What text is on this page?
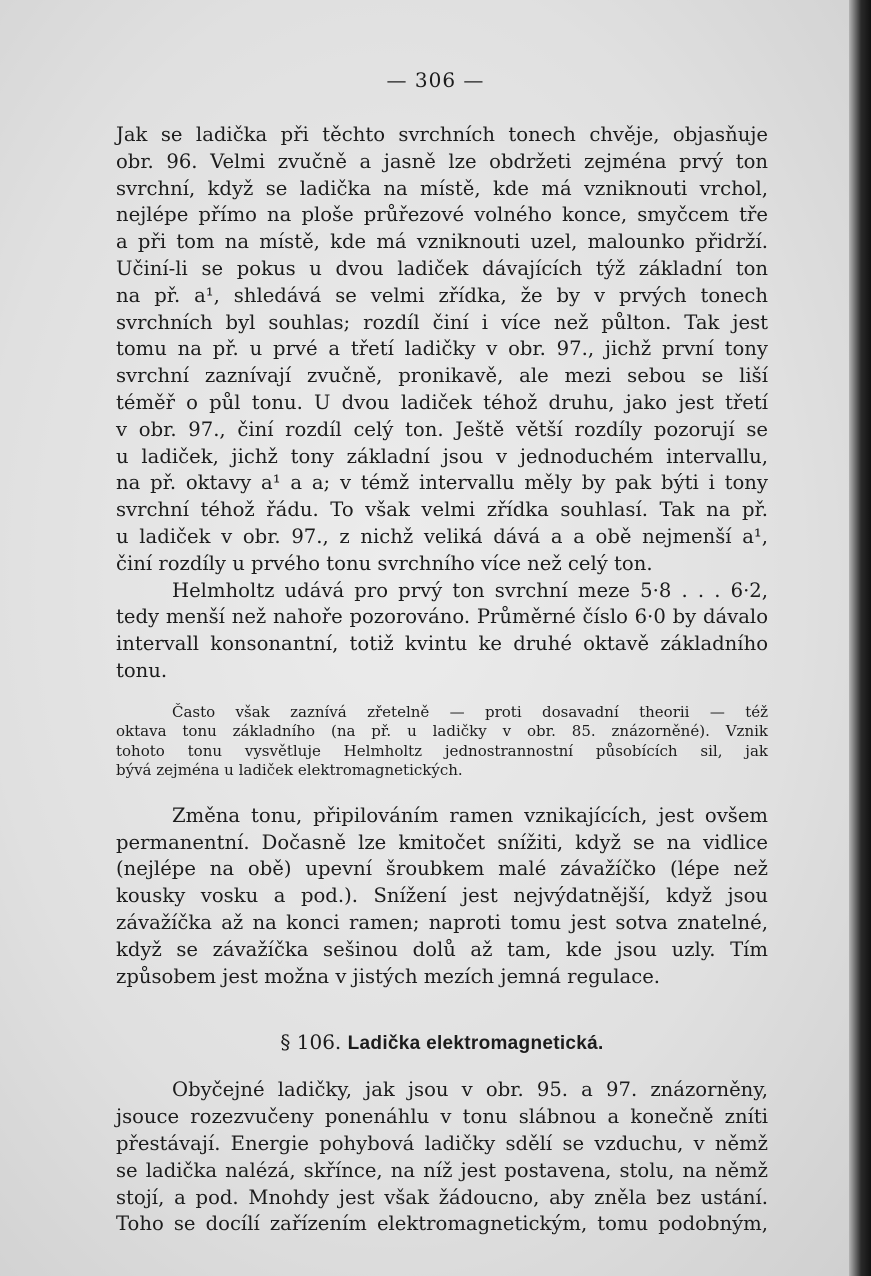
— 306 —
Jak se ladička při těchto svrchních tonech chvěje, objasňuje
obr. 96. Velmi zvučně a jasně lze obdržeti zejména prvý ton
svrchní, když se ladička na místě, kde má vzniknouti vrchol,
nejlépe přímo na ploše průřezové volného konce, smyčcem tře
a při tom na místě, kde má vzniknouti uzel, malounko přidrží.
Učiní-li se pokus u dvou ladiček dávajících týž základní ton
na př. a¹, shledává se velmi zřídka, že by v prvých tonech
svrchních byl souhlas; rozdíl činí i více než půlton. Tak jest
tomu na př. u prvé a třetí ladičky v obr. 97., jichž první tony
svrchní zaznívají zvučně, pronikavě, ale mezi sebou se liší
téměř o půl tonu. U dvou ladiček téhož druhu, jako jest třetí
v obr. 97., činí rozdíl celý ton. Ještě větší rozdíly pozorují se
u ladiček, jichž tony základní jsou v jednoduchém intervallu,
na př. oktavy a¹ a a; v témž intervallu měly by pak býti i tony
svrchní téhož řádu. To však velmi zřídka souhlasí. Tak na př.
u ladiček v obr. 97., z nichž veliká dává a a obě nejmenší a¹,
činí rozdíly u prvého tonu svrchního více než celý ton.
Helmholtz udává pro prvý ton svrchní meze 5·8 . . . 6·2,
tedy menší než nahoře pozorováno. Průměrné číslo 6·0 by dávalo
intervall konsonantní, totiž kvintu ke druhé oktavě základního
tonu.
Často však zaznívá zřetelně — proti dosavadní theorii — též
oktava tonu základního (na př. u ladičky v obr. 85. znázorněné). Vznik
tohoto tonu vysvětluje Helmholtz jednostrannostní působících sil, jak
bývá zejména u ladiček elektromagnetických.
Změna tonu, připilováním ramen vznikajících, jest ovšem
permanentní. Dočasně lze kmitočet snížiti, když se na vidlice
(nejlépe na obě) upevní šroubkem malé závažíčko (lépe než
kousky vosku a pod.). Snížení jest nejvýdatnější, když jsou
závažíčka až na konci ramen; naproti tomu jest sotva znatelné,
když se závažíčka sešinou dolů až tam, kde jsou uzly. Tím
způsobem jest možna v jistých mezích jemná regulace.
§ 106. Ladička elektromagnetická.
Obyčejné ladičky, jak jsou v obr. 95. a 97. znázorněny,
jsouce rozezvučeny ponenáhlu v tonu slábnou a konečně zníti
přestávají. Energie pohybová ladičky sdělí se vzduchu, v němž
se ladička nalézá, skřínce, na níž jest postavena, stolu, na němž
stojí, a pod. Mnohdy jest však žádoucno, aby zněla bez ustání.
Toho se docílí zařízením elektromagnetickým, tomu podobným,
